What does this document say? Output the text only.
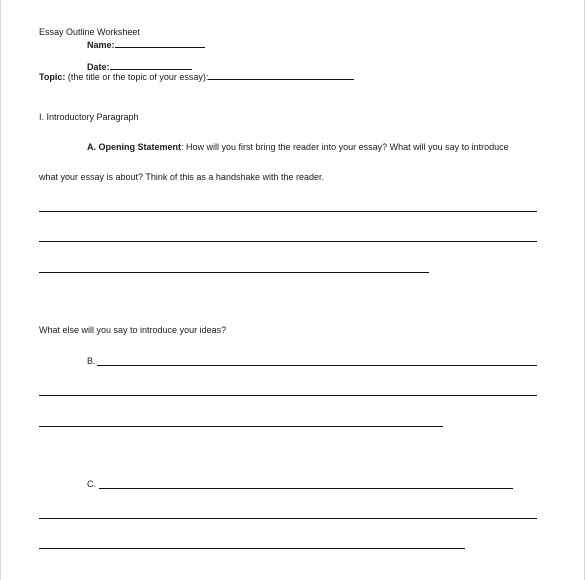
Essay Outline Worksheet

Name:

Date:

Topic: (the title or the topic of your essay):

I. Introductory Paragraph

A. Opening Statement: How will you first bring the reader into your essay? What will you say to introduce

what your essay is about? Think of this as a handshake with the reader.

What else will you say to introduce your ideas?

B.

C.
